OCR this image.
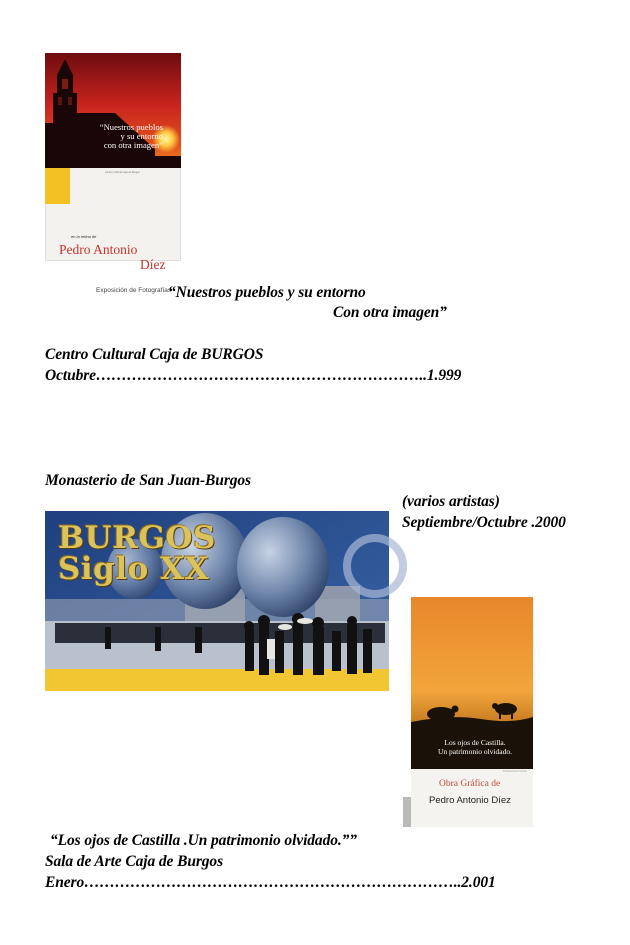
“Nuestros pueblos
y su entorno
con otra imagen”
Centro Cultural Caja de Burgos
en la retina de
Pedro Antonio
Díez
Exposición de Fotografías
“Nuestros pueblos y su entorno
Con otra imagen”
Centro Cultural Caja de BURGOS
Octubre………………………………………………………..1.999
Monasterio de San Juan-Burgos
(varios artistas)
Septiembre/Octubre .2000
BURGOS
Siglo XX
Los ojos de Castilla.
Un patrimonio olvidado.
Publicaciones Tierras
Obra Gráfica de
Pedro Antonio Díez
“Los ojos de Castilla .Un patrimonio olvidado.””
Sala de Arte Caja de Burgos
Enero………………………………………………………………..2.001
